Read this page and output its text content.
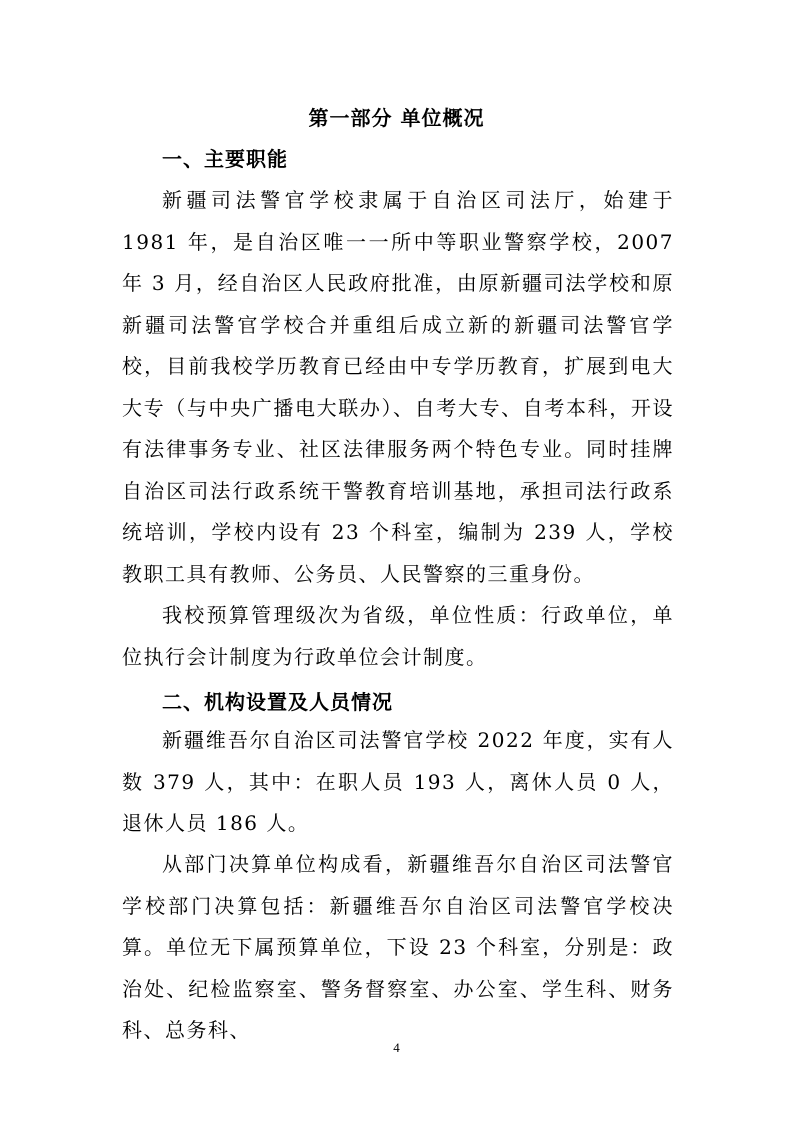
第一部分 单位概况
一、主要职能

新疆司法警官学校隶属于自治区司法厅，始建于 1981 年，是自治区唯一一所中等职业警察学校，2007 年 3 月，经自治区人民政府批准，由原新疆司法学校和原新疆司法警官学校合并重组后成立新的新疆司法警官学校，目前我校学历教育已经由中专学历教育，扩展到电大大专（与中央广播电大联办）、自考大专、自考本科，开设有法律事务专业、社区法律服务两个特色专业。同时挂牌自治区司法行政系统干警教育培训基地，承担司法行政系统培训，学校内设有 23 个科室，编制为 239 人，学校教职工具有教师、公务员、人民警察的三重身份。

我校预算管理级次为省级，单位性质：行政单位，单位执行会计制度为行政单位会计制度。

二、机构设置及人员情况

新疆维吾尔自治区司法警官学校 2022 年度，实有人数 379 人，其中：在职人员 193 人，离休人员 0 人，退休人员 186 人。

从部门决算单位构成看，新疆维吾尔自治区司法警官学校部门决算包括：新疆维吾尔自治区司法警官学校决算。单位无下属预算单位，下设 23 个科室，分别是：政治处、纪检监察室、警务督察室、办公室、学生科、财务科、总务科、

4
